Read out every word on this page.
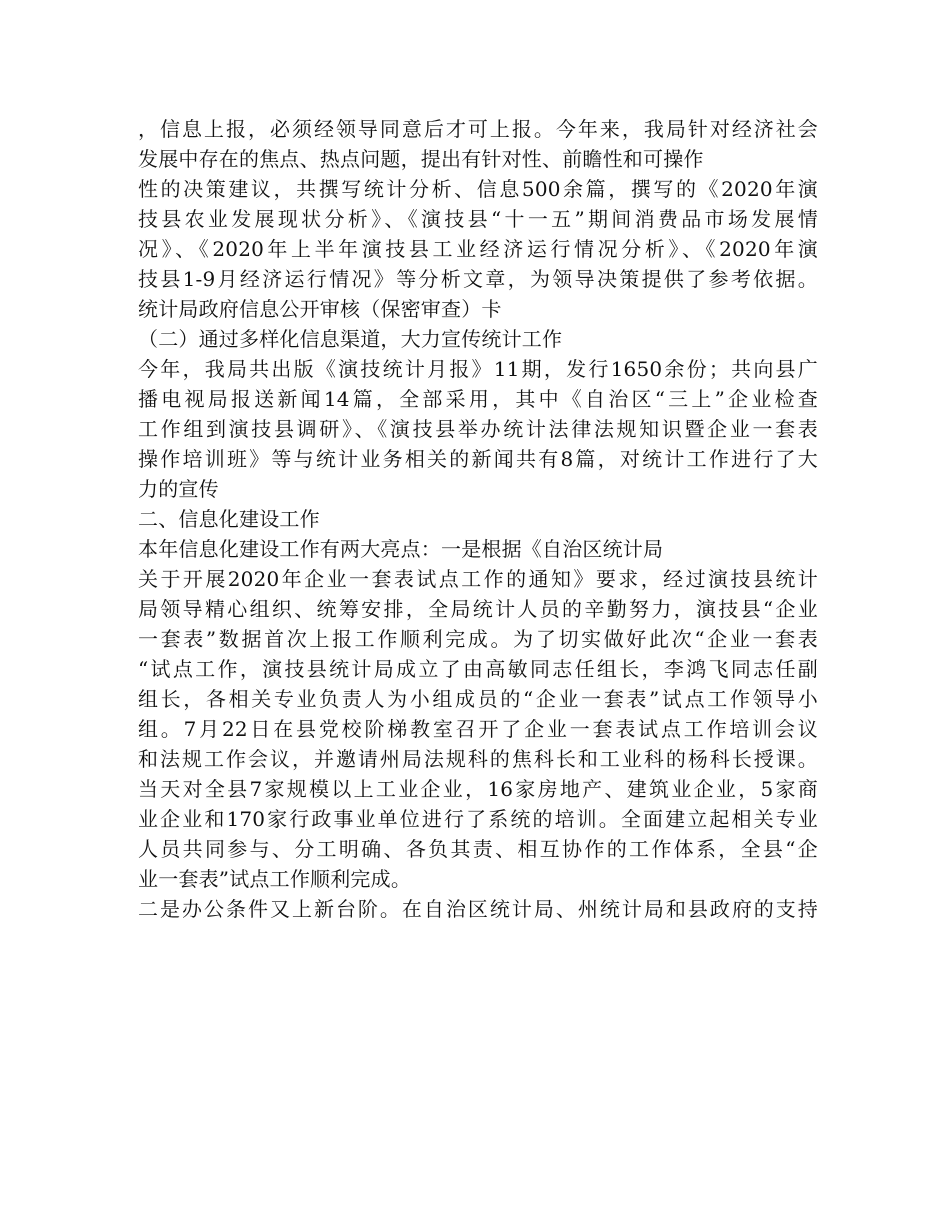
，信息上报，必须经领导同意后才可上报。今年来，我局针对经济社会
发展中存在的焦点、热点问题，提出有针对性、前瞻性和可操作
性的决策建议，共撰写统计分析、信息500余篇，撰写的《2020年演
技县农业发展现状分析》、《演技县“十一五”期间消费品市场发展情
况》、《2020年上半年演技县工业经济运行情况分析》、《2020年演
技县1-9月经济运行情况》等分析文章，为领导决策提供了参考依据。
统计局政府信息公开审核（保密审查）卡
（二）通过多样化信息渠道，大力宣传统计工作
今年，我局共出版《演技统计月报》11期，发行1650余份；共向县广
播电视局报送新闻14篇，全部采用，其中《自治区“三上”企业检查
工作组到演技县调研》、《演技县举办统计法律法规知识暨企业一套表
操作培训班》等与统计业务相关的新闻共有8篇，对统计工作进行了大
力的宣传
二、信息化建设工作
本年信息化建设工作有两大亮点：一是根据《自治区统计局
关于开展2020年企业一套表试点工作的通知》要求，经过演技县统计
局领导精心组织、统筹安排，全局统计人员的辛勤努力，演技县“企业
一套表”数据首次上报工作顺利完成。为了切实做好此次“企业一套表
“试点工作，演技县统计局成立了由高敏同志任组长，李鸿飞同志任副
组长，各相关专业负责人为小组成员的“企业一套表”试点工作领导小
组。7月22日在县党校阶梯教室召开了企业一套表试点工作培训会议
和法规工作会议，并邀请州局法规科的焦科长和工业科的杨科长授课。
当天对全县7家规模以上工业企业，16家房地产、建筑业企业，5家商
业企业和170家行政事业单位进行了系统的培训。全面建立起相关专业
人员共同参与、分工明确、各负其责、相互协作的工作体系，全县“企
业一套表”试点工作顺利完成。
二是办公条件又上新台阶。在自治区统计局、州统计局和县政府的支持
